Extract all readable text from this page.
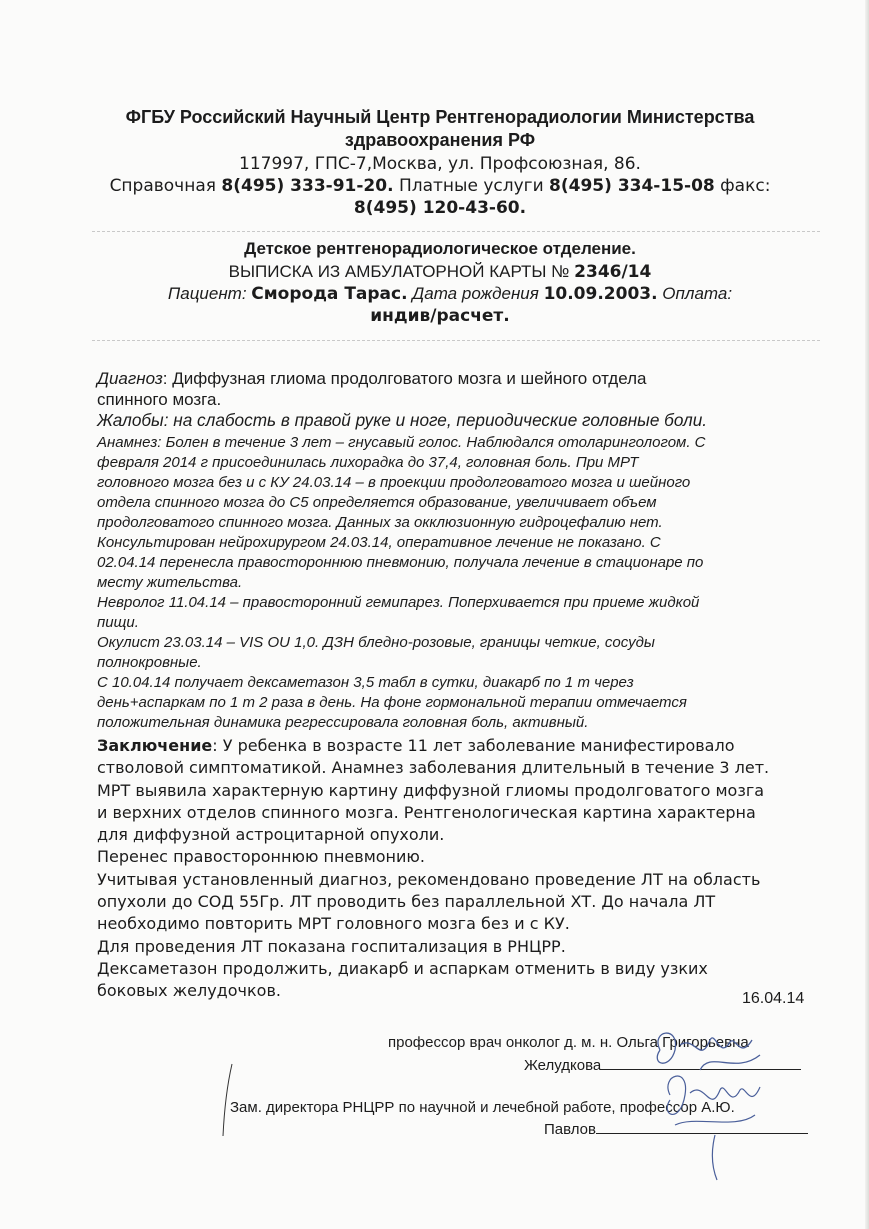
ФГБУ Российский Научный Центр Рентгенорадиологии Министерства
здравоохранения РФ
117997, ГПС-7,Москва, ул. Профсоюзная, 86.
Справочная 8(495) 333-91-20. Платные услуги 8(495) 334-15-08 факс:
8(495) 120-43-60.
Детское рентгенорадиологическое отделение.
ВЫПИСКА ИЗ АМБУЛАТОРНОЙ КАРТЫ № 2346/14
Пациент: Сморода Тарас. Дата рождения 10.09.2003. Оплата:
индив/расчет.
Диагноз: Диффузная глиома продолговатого мозга и шейного отдела
спинного мозга.
Жалобы: на слабость в правой руке и ноге, периодические головные боли.
Анамнез: Болен в течение 3 лет – гнусавый голос. Наблюдался отоларингологом. С
февраля 2014 г присоединилась лихорадка до 37,4, головная боль. При МРТ
головного мозга без и с КУ 24.03.14 – в проекции продолговатого мозга и шейного
отдела спинного мозга до С5 определяется образование, увеличивает объем
продолговатого спинного мозга. Данных за окклюзионную гидроцефалию нет.
Консультирован нейрохирургом 24.03.14, оперативное лечение не показано. С
02.04.14 перенесла правостороннюю пневмонию, получала лечение в стационаре по
месту жительства.
Невролог 11.04.14 – правосторонний гемипарез. Поперхивается при приеме жидкой
пищи.
Окулист 23.03.14 – VIS OU 1,0. ДЗН бледно-розовые, границы четкие, сосуды
полнокровные.
С 10.04.14 получает дексаметазон 3,5 табл в сутки, диакарб по 1 т через
день+аспаркам по 1 т 2 раза в день. На фоне гормональной терапии отмечается
положительная динамика регрессировала головная боль, активный.
Заключение: У ребенка в возрасте 11 лет заболевание манифестировало
стволовой симптоматикой. Анамнез заболевания длительный в течение 3 лет.
МРТ выявила характерную картину диффузной глиомы продолговатого мозга
и верхних отделов спинного мозга. Рентгенологическая картина характерна
для диффузной астроцитарной опухоли.
Перенес правостороннюю пневмонию.
Учитывая установленный диагноз, рекомендовано проведение ЛТ на область
опухоли до СОД 55Гр. ЛТ проводить без параллельной ХТ. До начала ЛТ
необходимо повторить МРТ головного мозга без и с КУ.
Для проведения ЛТ показана госпитализация в РНЦРР.
Дексаметазон продолжить, диакарб и аспаркам отменить в виду узких
боковых желудочков.	16.04.14
профессор врач онколог д. м. н. Ольга Григорьевна
Желудкова
Зам. директора РНЦРР по научной и лечебной работе, профессор А.Ю.
Павлов
